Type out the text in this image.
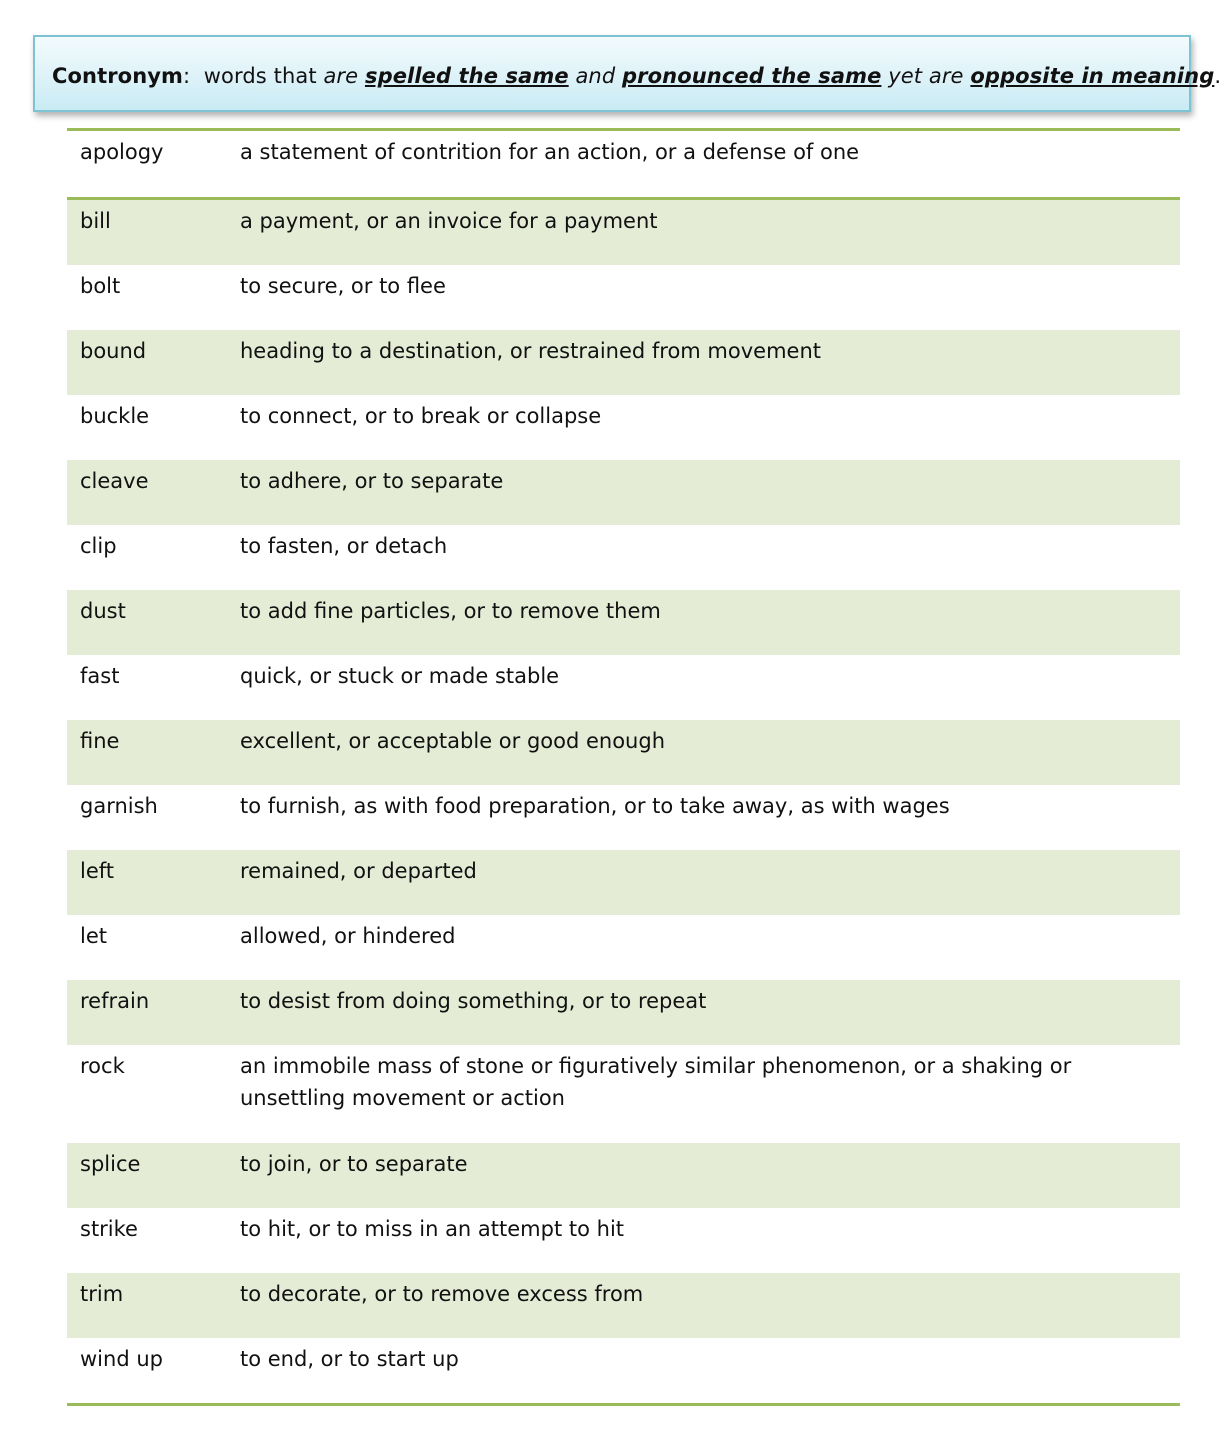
Contronym:  words that are spelled the same and pronounced the same yet are opposite in meaning.
apology	a statement of contrition for an action, or a defense of one
bill	a payment, or an invoice for a payment
bolt	to secure, or to flee
bound	heading to a destination, or restrained from movement
buckle	to connect, or to break or collapse
cleave	to adhere, or to separate
clip	to fasten, or detach
dust	to add fine particles, or to remove them
fast	quick, or stuck or made stable
fine	excellent, or acceptable or good enough
garnish	to furnish, as with food preparation, or to take away, as with wages
left	remained, or departed
let	allowed, or hindered
refrain	to desist from doing something, or to repeat
rock	an immobile mass of stone or figuratively similar phenomenon, or a shaking or unsettling movement or action
splice	to join, or to separate
strike	to hit, or to miss in an attempt to hit
trim	to decorate, or to remove excess from
wind up	to end, or to start up
